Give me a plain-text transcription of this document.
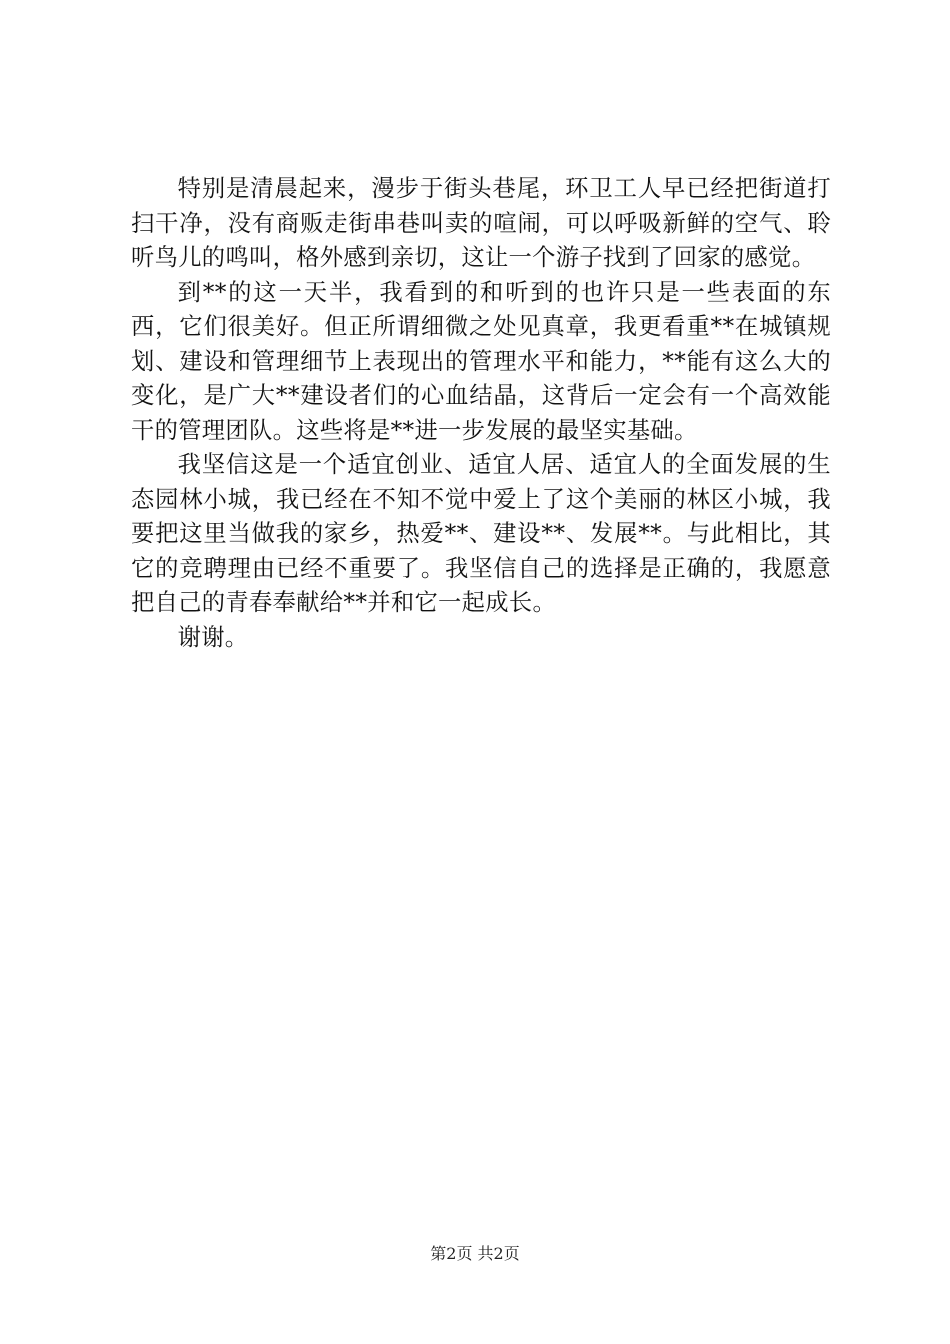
特别是清晨起来，漫步于街头巷尾，环卫工人早已经把街道打扫干净，没有商贩走街串巷叫卖的喧闹，可以呼吸新鲜的空气、聆听鸟儿的鸣叫，格外感到亲切，这让一个游子找到了回家的感觉。

到**的这一天半，我看到的和听到的也许只是一些表面的东西，它们很美好。但正所谓细微之处见真章，我更看重**在城镇规划、建设和管理细节上表现出的管理水平和能力，**能有这么大的变化，是广大**建设者们的心血结晶，这背后一定会有一个高效能干的管理团队。这些将是**进一步发展的最坚实基础。

我坚信这是一个适宜创业、适宜人居、适宜人的全面发展的生态园林小城，我已经在不知不觉中爱上了这个美丽的林区小城，我要把这里当做我的家乡，热爱**、建设**、发展**。与此相比，其它的竞聘理由已经不重要了。我坚信自己的选择是正确的，我愿意把自己的青春奉献给**并和它一起成长。

谢谢。

第2页 共2页
